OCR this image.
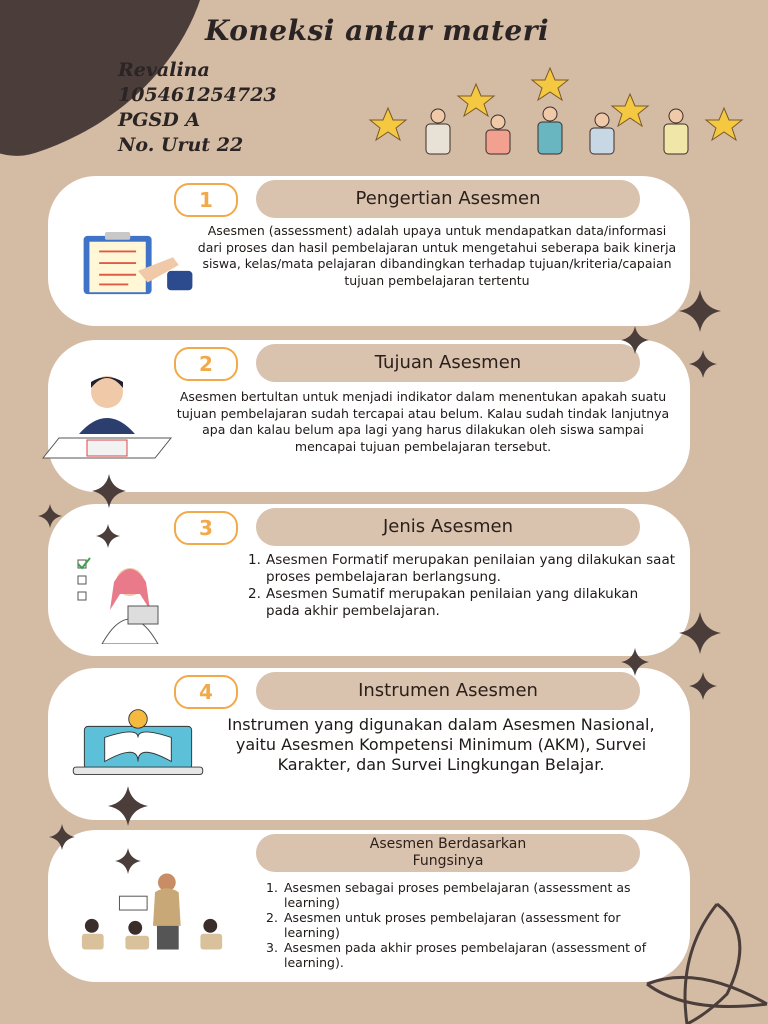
Koneksi antar materi
Revalina
105461254723
PGSD A
No. Urut 22
1	Pengertian Asesmen
Asesmen (assessment) adalah upaya untuk mendapatkan data/informasi dari proses dan hasil pembelajaran untuk mengetahui seberapa baik kinerja siswa, kelas/mata pelajaran dibandingkan terhadap tujuan/kriteria/capaian tujuan pembelajaran tertentu
2	Tujuan Asesmen
Asesmen bertultan untuk menjadi indikator dalam menentukan apakah suatu tujuan pembelajaran sudah tercapai atau belum. Kalau sudah tindak lanjutnya apa dan kalau belum apa lagi yang harus dilakukan oleh siswa sampai mencapai tujuan pembelajaran tersebut.
3	Jenis Asesmen
1. Asesmen Formatif merupakan penilaian yang dilakukan saat proses pembelajaran berlangsung.
2. Asesmen Sumatif merupakan penilaian yang dilakukan pada akhir pembelajaran.
4	Instrumen Asesmen
Instrumen yang digunakan dalam Asesmen Nasional, yaitu Asesmen Kompetensi Minimum (AKM), Survei Karakter, dan Survei Lingkungan Belajar.
Asesmen Berdasarkan Fungsinya
1. Asesmen sebagai proses pembelajaran (assessment as learning)
2. Asesmen untuk proses pembelajaran (assessment for learning)
3. Asesmen pada akhir proses pembelajaran (assessment of learning).
